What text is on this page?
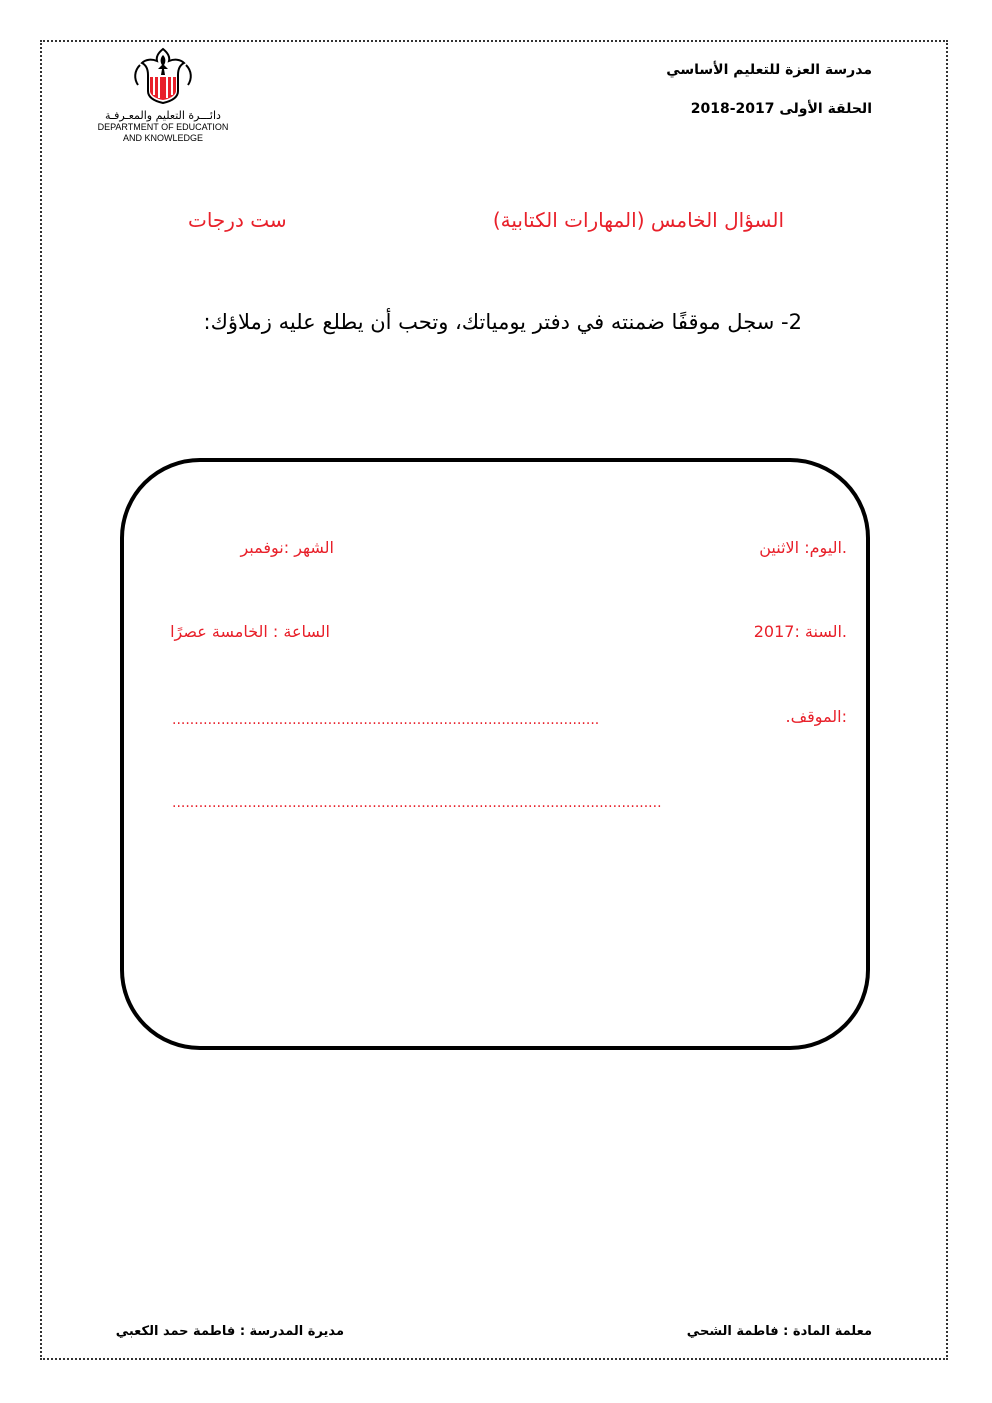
دائـــرة التعليم والمعـرفـة
DEPARTMENT OF EDUCATION
AND KNOWLEDGE
مدرسة العزة للتعليم الأساسي
الحلقة الأولى 2017-2018
السؤال الخامس (المهارات الكتابية)
ست درجات
2- سجل موقفًا ضمنته في دفتر يومياتك، وتحب أن يطلع عليه زملاؤك:
.اليوم: الاثنين
الشهر :نوفمبر
.السنة :2017
الساعة : الخامسة عصرًا
.الموقف:
................................................................................................
..............................................................................................................
معلمة المادة : فاطمة الشحي
مديرة المدرسة : فاطمة حمد الكعبي
